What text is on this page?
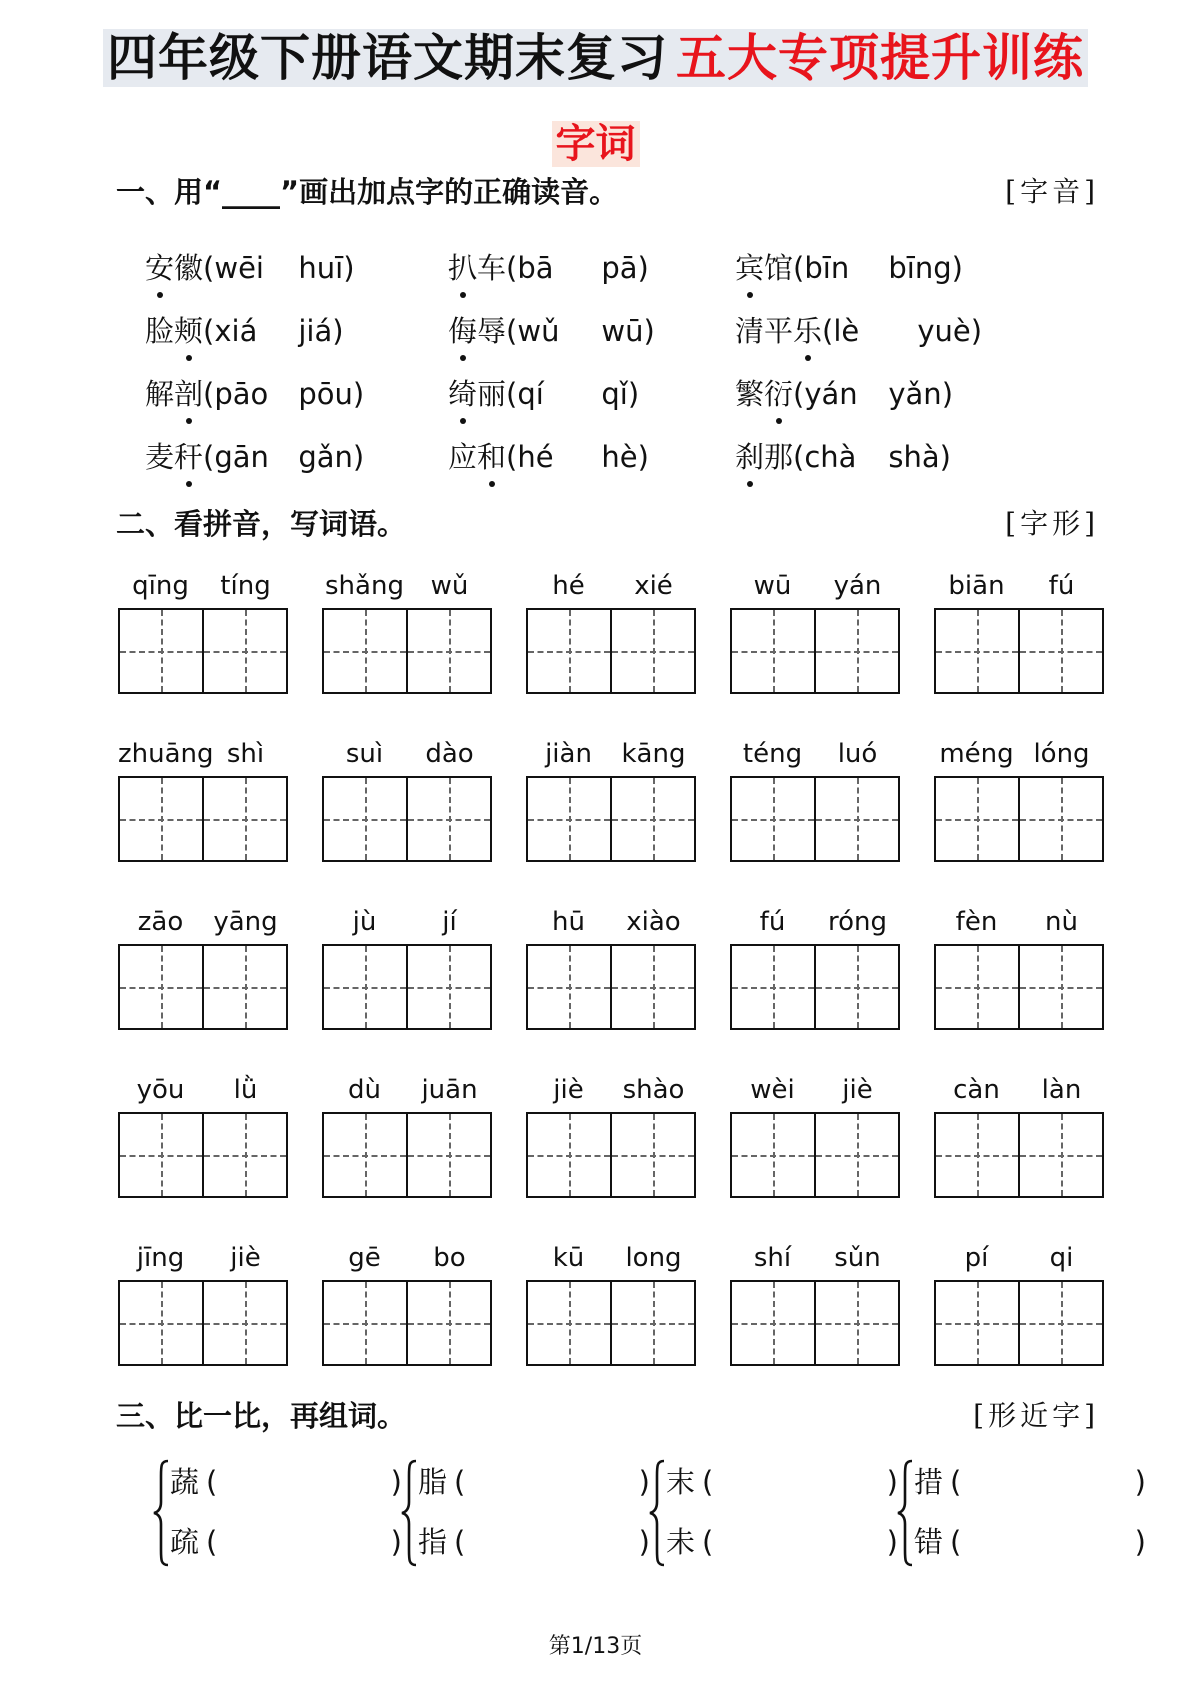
四年级下册语文期末复习 五大专项提升训练
字词
一、用“____”画出加点字的正确读音。	[字音]
安徽(wēi huī)	扒车(bā pā)	宾馆(bīn bīng)
脸颊(xiá jiá)	侮辱(wǔ wū)	清平乐(lè yuè)
解剖(pāo pōu)	绮丽(qí qǐ)	繁衍(yán yǎn)
麦秆(gān gǎn)	应和(hé hè)	刹那(chà shà)
二、看拼音，写词语。	[字形]
qīng	tíng	shǎng	wǔ	hé	xié	wū	yán	biān	fú
zhuāng shì	suì	dào	jiàn	kāng	téng	luó	méng lóng
zāo	yāng	jù	jí	hū	xiào	fú	róng	fèn	nù
yōu	lǜ	dù	juān	jiè	shào	wèi	jiè	càn	làn
jīng	jiè	gē	bo	kū	long	shí	sǔn	pí	qi
三、比一比，再组词。	[形近字]
蔬 (	)
疏 (	)
脂 (	)
指 (	)
末 (	)
未 (	)
措 (	)
错 (	)
第1/13页
